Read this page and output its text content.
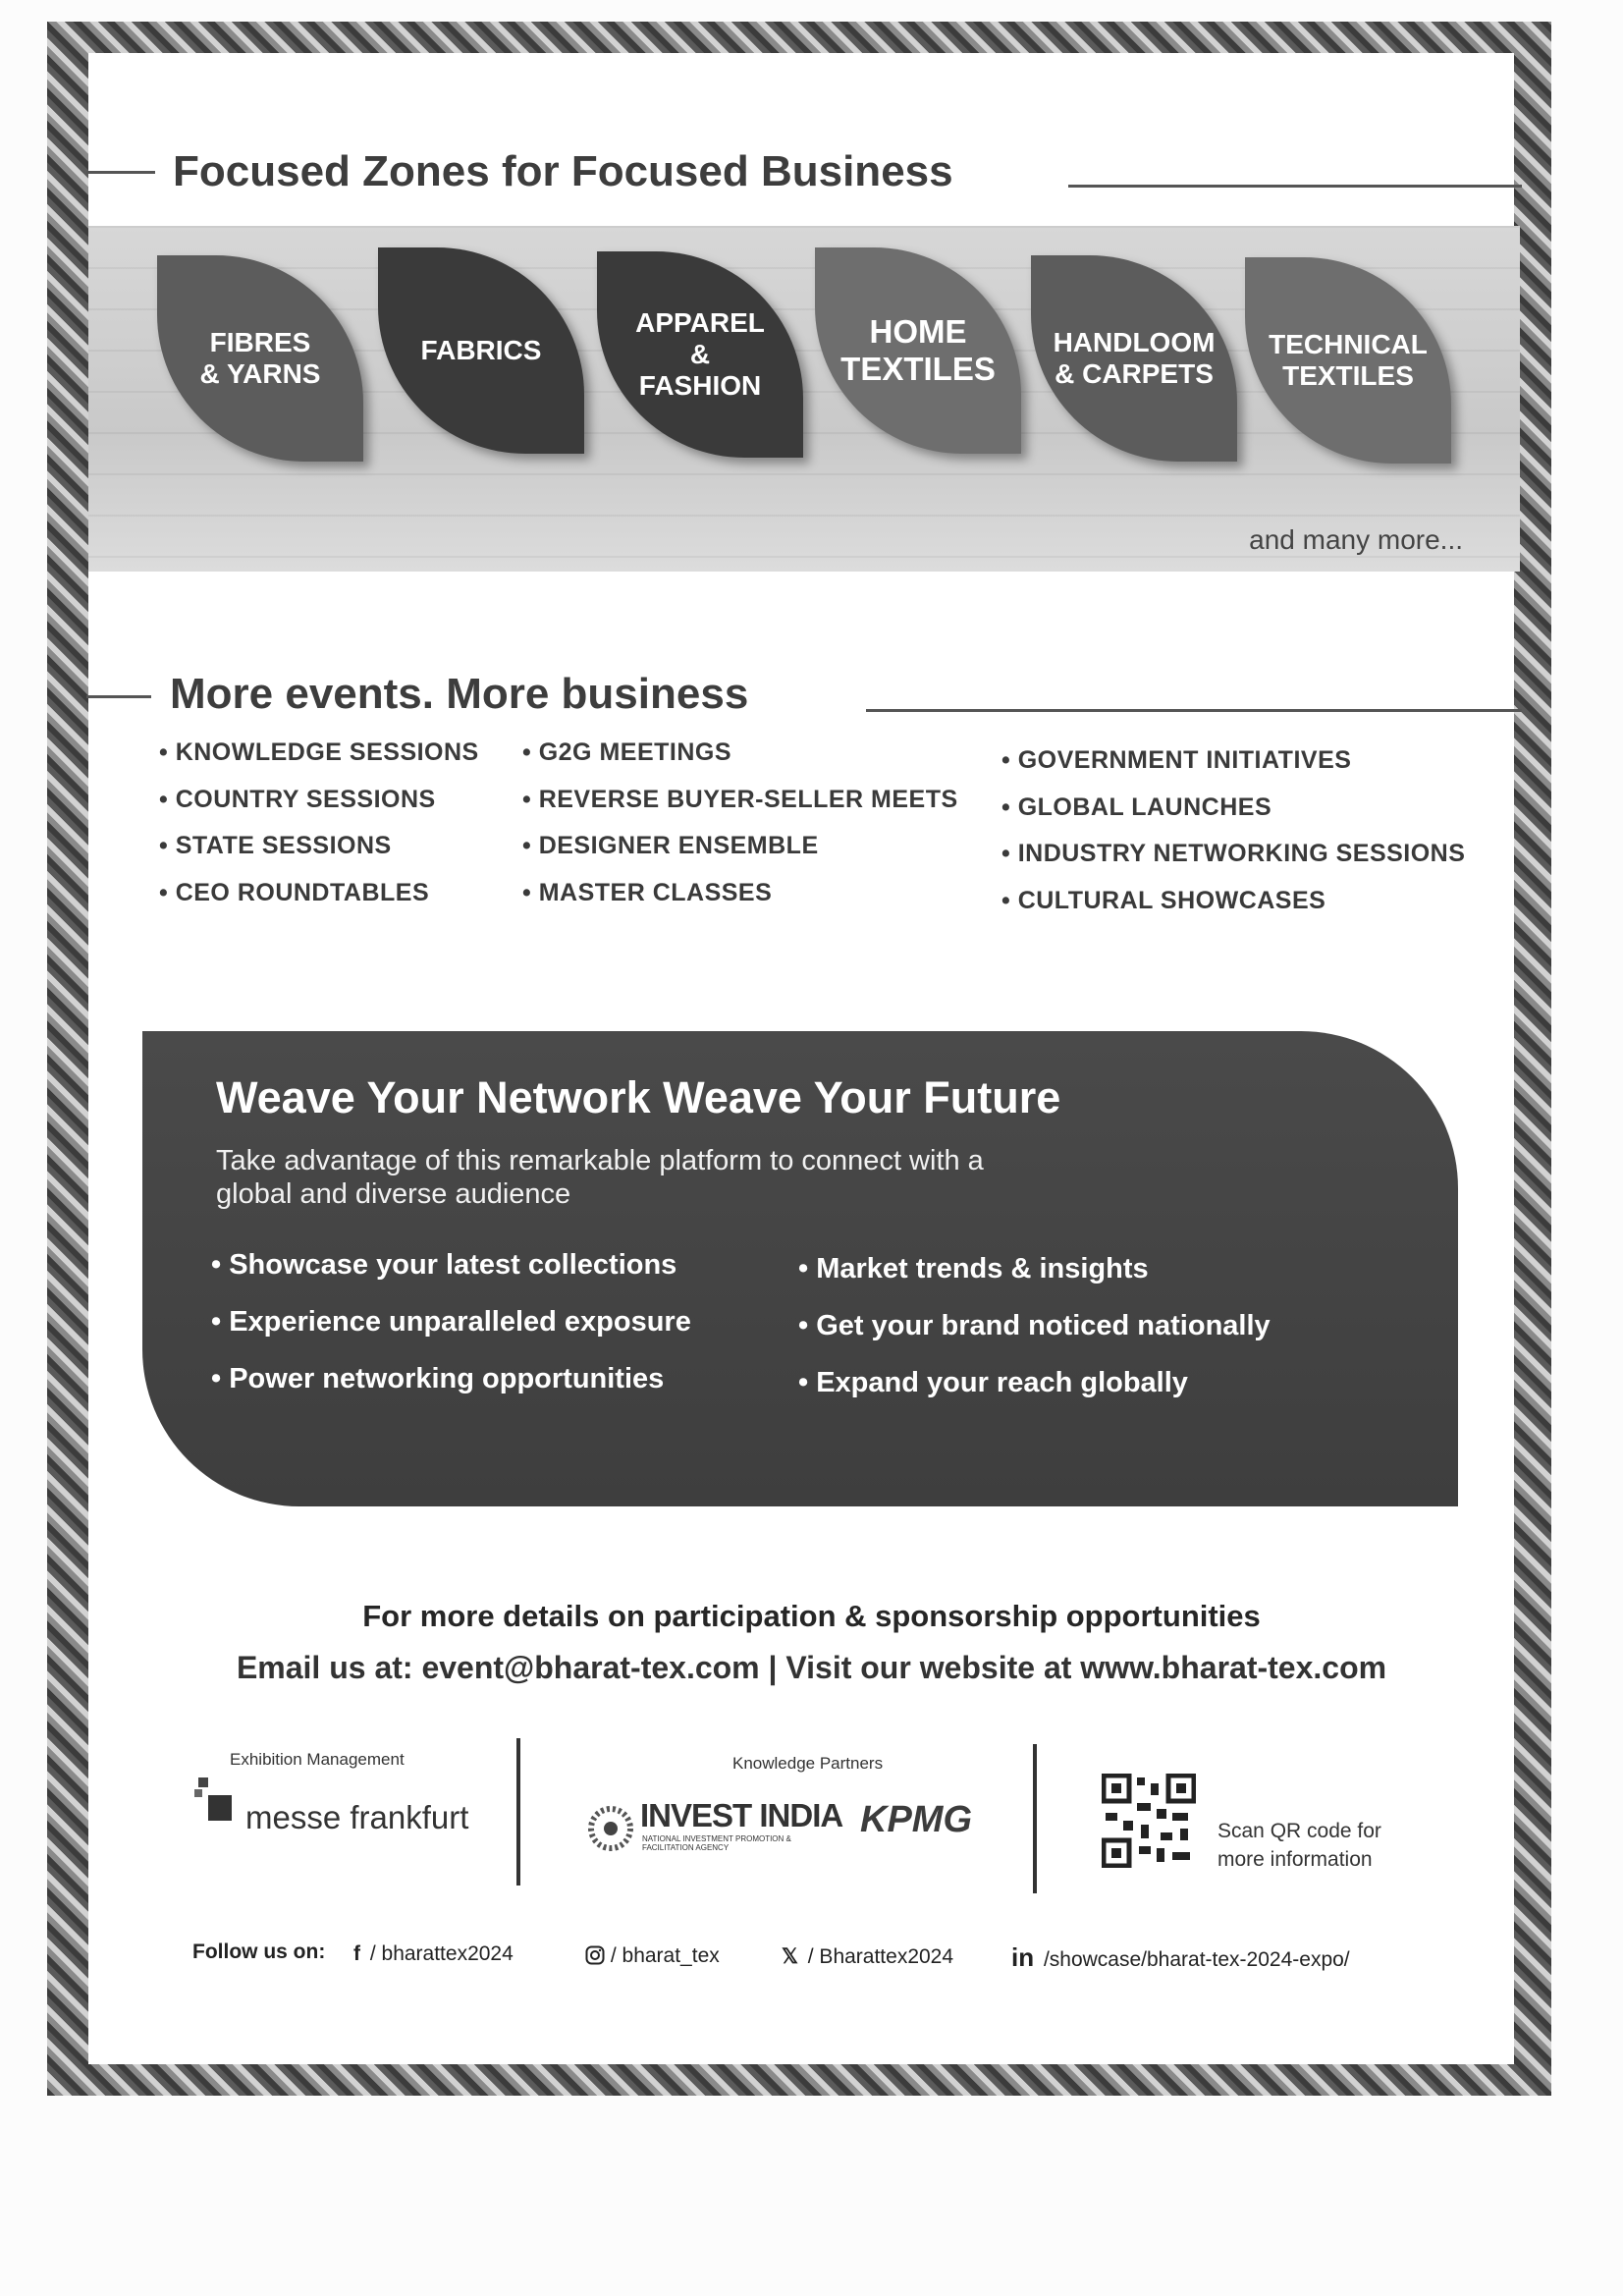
Focused Zones for Focused Business
FIBRES
& YARNS
FABRICS
APPAREL
&
FASHION
HOME
TEXTILES
HANDLOOM
& CARPETS
TECHNICAL
TEXTILES
and many more...
More events. More business
• KNOWLEDGE SESSIONS
• COUNTRY SESSIONS
• STATE SESSIONS
• CEO ROUNDTABLES
• G2G MEETINGS
• REVERSE BUYER-SELLER MEETS
• DESIGNER ENSEMBLE
• MASTER CLASSES
• GOVERNMENT INITIATIVES
• GLOBAL LAUNCHES
• INDUSTRY NETWORKING SESSIONS
• CULTURAL SHOWCASES
Weave Your Network Weave Your Future
Take advantage of this remarkable platform to connect with a global and diverse audience
• Showcase your latest collections
• Experience unparalleled exposure
• Power networking opportunities
• Market trends & insights
• Get your brand noticed nationally
• Expand your reach globally
For more details on participation & sponsorship opportunities
Email us at: event@bharat-tex.com | Visit our website at www.bharat-tex.com
Exhibition Management
messe frankfurt
Knowledge Partners
INVEST INDIA
NATIONAL INVESTMENT PROMOTION & FACILITATION AGENCY
KPMG	Scan QR code for
more information
Follow us on: f / bharattex2024	/ bharat_tex	𝕏 / Bharattex2024 in /showcase/bharat-tex-2024-expo/
